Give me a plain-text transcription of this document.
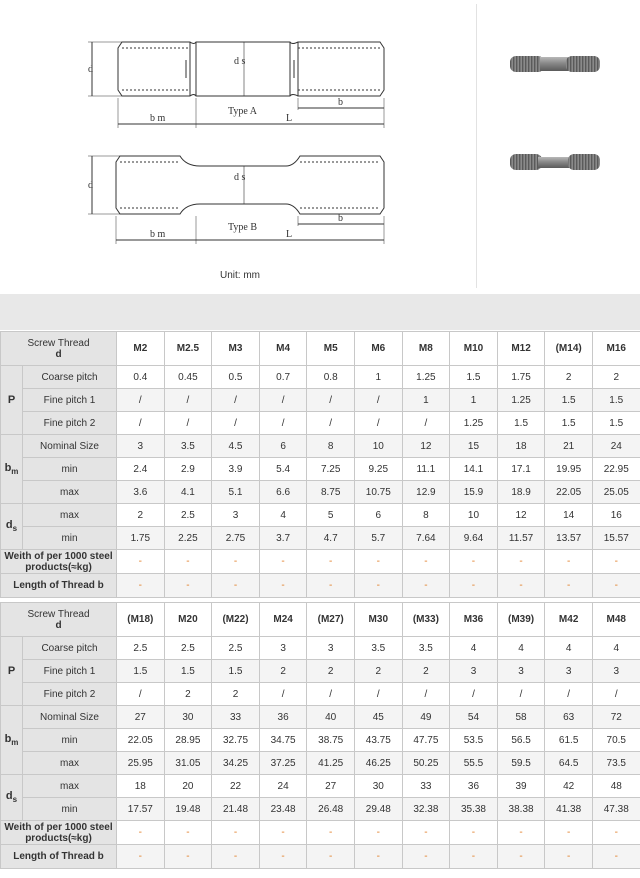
d
d s
b m
b
L
Type A
d
d s
b m
b
L
Type B
Unit: mm
Screw Thread
d		M2	M2.5	M3	M4	M5	M6	M8	M10	M12	(M14)	M16
P	Coarse pitch	0.4	0.45	0.5	0.7	0.8	1	1.25	1.5	1.75	2	2
	Fine pitch 1	/	/	/	/	/	/	1	1	1.25	1.5	1.5
	Fine pitch 2	/	/	/	/	/	/	/	1.25	1.5	1.5	1.5
$b_m$	Nominal Size	3	3.5	4.5	6	8	10	12	15	18	21	24
	min	2.4	2.9	3.9	5.4	7.25	9.25	11.1	14.1	17.1	19.95	22.95
	max	3.6	4.1	5.1	6.6	8.75	10.75	12.9	15.9	18.9	22.05	25.05
$d_s$	max	2	2.5	3	4	5	6	8	10	12	14	16
	min	1.75	2.25	2.75	3.7	4.7	5.7	7.64	9.64	11.57	13.57	15.57
Weith of per 1000 steel products(≈kg)		-	-	-	-	-	-	-	-	-	-	-
Length of Thread b		-	-	-	-	-	-	-	-	-	-	-
Screw Thread
d		(M18)	M20	(M22)	M24	(M27)	M30	(M33)	M36	(M39)	M42	M48
P	Coarse pitch	2.5	2.5	2.5	3	3	3.5	3.5	4	4	4	4
	Fine pitch 1	1.5	1.5	1.5	2	2	2	2	3	3	3	3
	Fine pitch 2	/	2	2	/	/	/	/	/	/	/	/
$b_m$	Nominal Size	27	30	33	36	40	45	49	54	58	63	72
	min	22.05	28.95	32.75	34.75	38.75	43.75	47.75	53.5	56.5	61.5	70.5
	max	25.95	31.05	34.25	37.25	41.25	46.25	50.25	55.5	59.5	64.5	73.5
$d_s$	max	18	20	22	24	27	30	33	36	39	42	48
	min	17.57	19.48	21.48	23.48	26.48	29.48	32.38	35.38	38.38	41.38	47.38
Weith of per 1000 steel products(≈kg)		-	-	-	-	-	-	-	-	-	-	-
Length of Thread b		-	-	-	-	-	-	-	-	-	-	-
